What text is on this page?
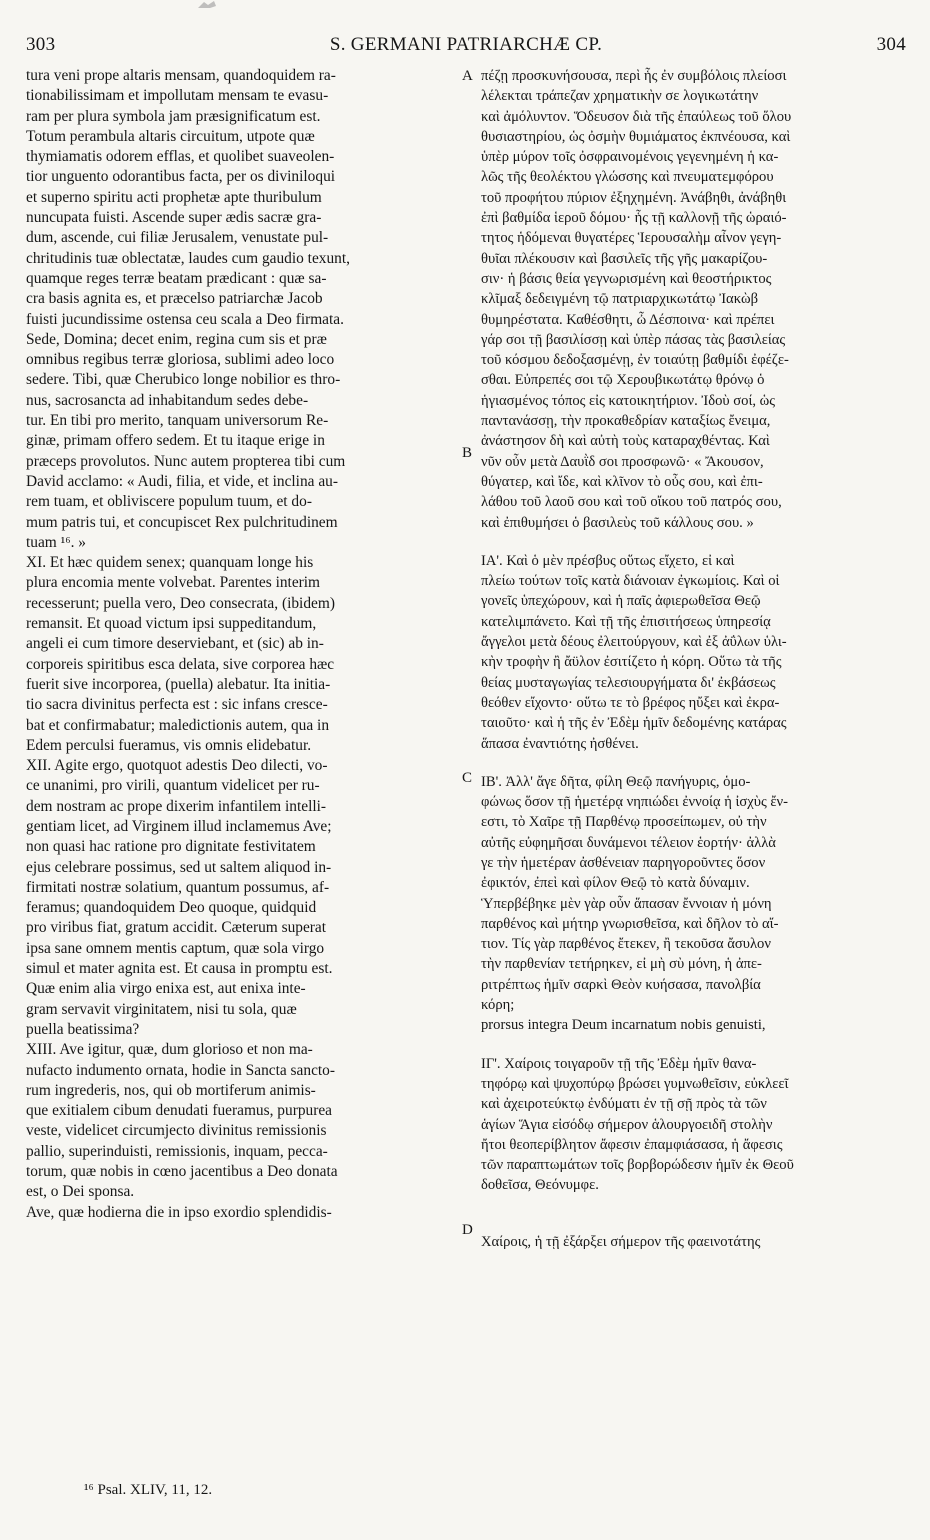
303	S. GERMANI PATRIARCHÆ CP.	304
tura veni prope altaris mensam, quandoquidem ra-
tionabilissimam et impollutam mensam te evasu-
ram per plura symbola jam præsignificatum est.
Totum perambula altaris circuitum, utpote quæ
thymiamatis odorem efflas, et quolibet suaveolen-
tior unguento odorantibus facta, per os diviniloqui
et superno spiritu acti prophetæ apte thuribulum
nuncupata fuisti. Ascende super ædis sacræ gra-
dum, ascende, cui filiæ Jerusalem, venustate pul-
chritudinis tuæ oblectatæ, laudes cum gaudio texunt,
quamque reges terræ beatam prædicant : quæ sa-
cra basis agnita es, et præcelso patriarchæ Jacob
fuisti jucundissime ostensa ceu scala a Deo firmata.
Sede, Domina; decet enim, regina cum sis et præ
omnibus regibus terræ gloriosa, sublimi adeo loco
sedere. Tibi, quæ Cherubico longe nobilior es thro-
nus, sacrosancta ad inhabitandum sedes debe-
tur. En tibi pro merito, tanquam universorum Re-
ginæ, primam offero sedem. Et tu itaque erige in
præceps provolutos. Nunc autem propterea tibi cum
David acclamo: « Audi, filia, et vide, et inclina au-
rem tuam, et obliviscere populum tuum, et do-
mum patris tui, et concupiscet Rex pulchritudinem
tuam ¹⁶. »
XI. Et hæc quidem senex; quanquam longe his
plura encomia mente volvebat. Parentes interim
recesserunt; puella vero, Deo consecrata, (ibidem)
remansit. Et quoad victum ipsi suppeditandum,
angeli ei cum timore deserviebant, et (sic) ab in-
corporeis spiritibus esca delata, sive corporea hæc
fuerit sive incorporea, (puella) alebatur. Ita initia-
tio sacra divinitus perfecta est : sic infans cresce-
bat et confirmabatur; maledictionis autem, qua in
Edem perculsi fueramus, vis omnis elidebatur.
XII. Agite ergo, quotquot adestis Deo dilecti, vo-
ce unanimi, pro virili, quantum videlicet per ru-
dem nostram ac prope dixerim infantilem intelli-
gentiam licet, ad Virginem illud inclamemus Ave;
non quasi hac ratione pro dignitate festivitatem
ejus celebrare possimus, sed ut saltem aliquod in-
firmitati nostræ solatium, quantum possumus, af-
feramus; quandoquidem Deo quoque, quidquid
pro viribus fiat, gratum accidit. Cæterum superat
ipsa sane omnem mentis captum, quæ sola virgo
simul et mater agnita est. Et causa in promptu est.
Quæ enim alia virgo enixa est, aut enixa inte-
gram servavit virginitatem, nisi tu sola, quæ
puella beatissima?
XIII. Ave igitur, quæ, dum glorioso et non ma-
nufacto indumento ornata, hodie in Sancta sancto-
rum ingrederis, nos, qui ob mortiferum animis-
que exitialem cibum denudati fueramus, purpurea
veste, videlicet circumjecto divinitus remissionis
pallio, superinduisti, remissionis, inquam, pecca-
torum, quæ nobis in cœno jacentibus a Deo donata
est, o Dei sponsa.
Ave, quæ hodierna die in ipso exordio splendidis-
πέζῃ προσκυνήσουσα, περὶ ἧς ἐν συμβόλοις πλείοσι
λέλεκται τράπεζαν χρηματικὴν σε λογικωτάτην
καὶ ἀμόλυντον. Ὅδευσον διὰ τῆς ἐπαύλεως τοῦ ὅλου
θυσιαστηρίου, ὡς ὀσμὴν θυμιάματος ἐκπνέουσα, καὶ
ὑπὲρ μύρον τοῖς ὀσφραινομένοις γεγενημένη ἡ κα-
λῶς τῆς θεολέκτου γλώσσης καὶ πνευματεμφόρου
τοῦ προφήτου πύριον ἐξηχημένη. Ἀνάβηθι, ἀνάβηθι
ἐπὶ βαθμίδα ἱεροῦ δόμου· ἧς τῇ καλλονῇ τῆς ὡραιό-
τητος ἡδόμεναι θυγατέρες Ἱερουσαλὴμ αἶνον γεγη-
θυῖαι πλέκουσιν καὶ βασιλεῖς τῆς γῆς μακαρίζου-
σιν· ἡ βάσις θεία γεγνωρισμένη καὶ θεοστήρικτος
κλῖμαξ δεδειγμένη τῷ πατριαρχικωτάτῳ Ἰακὼβ
θυμηρέστατα. Καθέσθητι, ὦ Δέσποινα· καὶ πρέπει
γάρ σοι τῇ βασιλίσσῃ καὶ ὑπὲρ πάσας τὰς βασιλείας
τοῦ κόσμου δεδοξασμένῃ, ἐν τοιαύτῃ βαθμίδι ἐφέζε-
σθαι. Εὐπρεπές σοι τῷ Χερουβικωτάτῳ θρόνῳ ὁ
ἡγιασμένος τόπος εἰς κατοικητήριον. Ἰδοὺ σοί, ὡς
παντανάσσῃ, τὴν προκαθεδρίαν καταξίως ἔνειμα,
ἀνάστησον δὴ καὶ αὐτὴ τοὺς καταραχθέντας. Καὶ
νῦν οὖν μετὰ Δαυῒδ σοι προσφωνῶ· « Ἄκουσον,
θύγατερ, καὶ ἴδε, καὶ κλῖνον τὸ οὖς σου, καὶ ἐπι-
λάθου τοῦ λαοῦ σου καὶ τοῦ οἴκου τοῦ πατρός σου,
καὶ ἐπιθυμήσει ὁ βασιλεὺς τοῦ κάλλους σου. »
ΙΑ'. Καὶ ὁ μὲν πρέσβυς οὕτως εἴχετο, εἰ καὶ
πλείω τούτων τοῖς κατὰ διάνοιαν ἐγκωμίοις. Καὶ οἱ
γονεῖς ὑπεχώρουν, καὶ ἡ παῖς ἀφιερωθεῖσα Θεῷ
κατελιμπάνετο. Καὶ τῇ τῆς ἐπισιτήσεως ὑπηρεσίᾳ
ἄγγελοι μετὰ δέους ἐλειτούργουν, καὶ ἐξ ἀΰλων ὑλι-
κὴν τροφὴν ἢ ἄϋλον ἐσιτίζετο ἡ κόρη. Οὕτω τὰ τῆς
θείας μυσταγωγίας τελεσιουργήματα δι' ἐκβάσεως
θεόθεν εἴχοντο· οὕτω τε τὸ βρέφος ηὔξει καὶ ἐκρα-
ταιοῦτο· καὶ ἡ τῆς ἐν Ἐδὲμ ἡμῖν δεδομένης κατάρας
ἅπασα ἐναντιότης ἠσθένει.
ΙΒ'. Ἀλλ' ἄγε δῆτα, φίλη Θεῷ πανήγυρις, ὁμο-
φώνως ὅσον τῇ ἡμετέρᾳ νηπιώδει ἐννοίᾳ ἡ ἰσχὺς ἔν-
εστι, τὸ Χαῖρε τῇ Παρθένῳ προσείπωμεν, οὐ τὴν
αὐτῆς εὐφημῆσαι δυνάμενοι τέλειον ἑορτήν· ἀλλὰ
γε τὴν ἡμετέραν ἀσθένειαν παρηγοροῦντες ὅσον
ἐφικτόν, ἐπεὶ καὶ φίλον Θεῷ τὸ κατὰ δύναμιν.
Ὑπερβέβηκε μὲν γὰρ οὖν ἅπασαν ἔννοιαν ἡ μόνη
παρθένος καὶ μήτηρ γνωρισθεῖσα, καὶ δῆλον τὸ αἴ-
τιον. Τίς γὰρ παρθένος ἔτεκεν, ἢ τεκοῦσα ἄσυλον
τὴν παρθενίαν τετήρηκεν, εἰ μὴ σὺ μόνη, ἡ ἀπε-
ριτρέπτως ἡμῖν σαρκὶ Θεὸν κυήσασα, πανολβία
κόρη;
prorsus integra Deum incarnatum nobis genuisti,
ΙΓ'. Χαίροις τοιγαροῦν τῇ τῆς Ἐδὲμ ἡμῖν θανα-
τηφόρῳ καὶ ψυχοπύρῳ βρώσει γυμνωθεῖσιν, εὐκλεεῖ
καὶ ἀχειροτεύκτῳ ἐνδύματι ἐν τῇ σῇ πρὸς τὰ τῶν
ἁγίων Ἅγια εἰσόδῳ σήμερον ἁλουργοειδῆ στολὴν
ἤτοι θεοπερίβλητον ἄφεσιν ἐπαμφιάσασα, ἡ ἄφεσις
τῶν παραπτωμάτων τοῖς βορβορώδεσιν ἡμῖν ἐκ Θεοῦ
δοθεῖσα, Θεόνυμφε.
Χαίροις, ἡ τῇ ἐξάρξει σήμερον τῆς φαεινοτάτης
A
B
C
D
¹⁶ Psal. XLIV, 11, 12.
